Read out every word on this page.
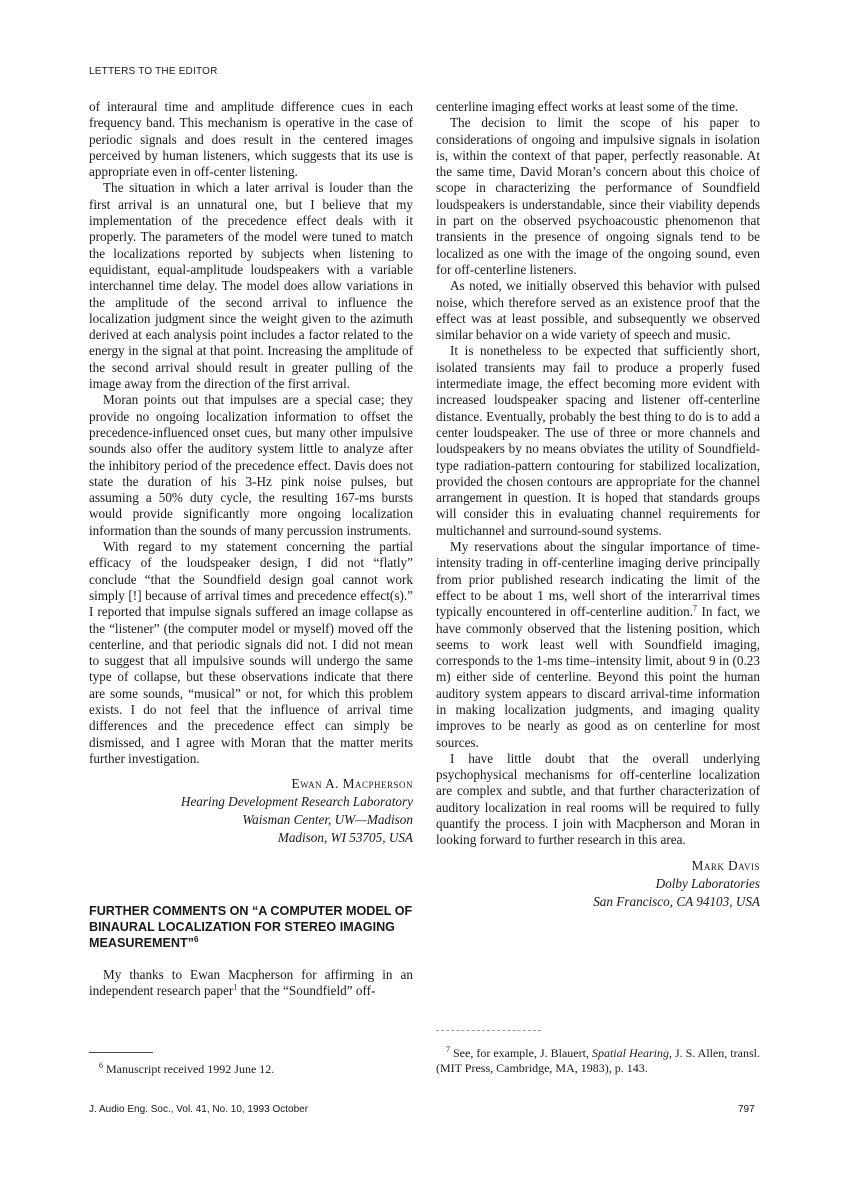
LETTERS TO THE EDITOR

of interaural time and amplitude difference cues in each frequency band. This mechanism is operative in the case of periodic signals and does result in the centered images perceived by human listeners, which suggests that its use is appropriate even in off-center listening.

The situation in which a later arrival is louder than the first arrival is an unnatural one, but I believe that my implementation of the precedence effect deals with it properly. The parameters of the model were tuned to match the localizations reported by subjects when listening to equidistant, equal-amplitude loudspeakers with a variable interchannel time delay. The model does allow variations in the amplitude of the second arrival to influence the localization judgment since the weight given to the azimuth derived at each analysis point includes a factor related to the energy in the signal at that point. Increasing the amplitude of the second arrival should result in greater pulling of the image away from the direction of the first arrival.

Moran points out that impulses are a special case; they provide no ongoing localization information to offset the precedence-influenced onset cues, but many other impulsive sounds also offer the auditory system little to analyze after the inhibitory period of the precedence effect. Davis does not state the duration of his 3-Hz pink noise pulses, but assuming a 50% duty cycle, the resulting 167-ms bursts would provide significantly more ongoing localization information than the sounds of many percussion instruments.

With regard to my statement concerning the partial efficacy of the loudspeaker design, I did not “flatly” conclude “that the Soundfield design goal cannot work simply [!] because of arrival times and precedence effect(s).” I reported that impulse signals suffered an image collapse as the “listener” (the computer model or myself) moved off the centerline, and that periodic signals did not. I did not mean to suggest that all impulsive sounds will undergo the same type of collapse, but these observations indicate that there are some sounds, “musical” or not, for which this problem exists. I do not feel that the influence of arrival time differences and the precedence effect can simply be dismissed, and I agree with Moran that the matter merits further investigation.

Ewan A. Macpherson
Hearing Development Research Laboratory
Waisman Center, UW—Madison
Madison, WI 53705, USA
FURTHER COMMENTS ON “A COMPUTER MODEL OF BINAURAL LOCALIZATION FOR STEREO IMAGING MEASUREMENT”$^6$

My thanks to Ewan Macpherson for affirming in an independent research paper$^1$ that the “Soundfield” off-

centerline imaging effect works at least some of the time.

The decision to limit the scope of his paper to considerations of ongoing and impulsive signals in isolation is, within the context of that paper, perfectly reasonable. At the same time, David Moran’s concern about this choice of scope in characterizing the performance of Soundfield loudspeakers is understandable, since their viability depends in part on the observed psychoacoustic phenomenon that transients in the presence of ongoing signals tend to be localized as one with the image of the ongoing sound, even for off-centerline listeners.

As noted, we initially observed this behavior with pulsed noise, which therefore served as an existence proof that the effect was at least possible, and subsequently we observed similar behavior on a wide variety of speech and music.

It is nonetheless to be expected that sufficiently short, isolated transients may fail to produce a properly fused intermediate image, the effect becoming more evident with increased loudspeaker spacing and listener off-centerline distance. Eventually, probably the best thing to do is to add a center loudspeaker. The use of three or more channels and loudspeakers by no means obviates the utility of Soundfield-type radiation-pattern contouring for stabilized localization, provided the chosen contours are appropriate for the channel arrangement in question. It is hoped that standards groups will consider this in evaluating channel requirements for multichannel and surround-sound systems.

My reservations about the singular importance of time-intensity trading in off-centerline imaging derive principally from prior published research indicating the limit of the effect to be about 1 ms, well short of the interarrival times typically encountered in off-centerline audition.$^7$ In fact, we have commonly observed that the listening position, which seems to work least well with Soundfield imaging, corresponds to the 1-ms time–intensity limit, about 9 in (0.23 m) either side of centerline. Beyond this point the human auditory system appears to discard arrival-time information in making localization judgments, and imaging quality improves to be nearly as good as on centerline for most sources.

I have little doubt that the overall underlying psychophysical mechanisms for off-centerline localization are complex and subtle, and that further characterization of auditory localization in real rooms will be required to fully quantify the process. I join with Macpherson and Moran in looking forward to further research in this area.

Mark Davis
Dolby Laboratories
San Francisco, CA 94103, USA
$^6$ Manuscript received 1992 June 12.
$^7$ See, for example, J. Blauert, Spatial Hearing, J. S. Allen, transl. (MIT Press, Cambridge, MA, 1983), p. 143.
J. Audio Eng. Soc., Vol. 41, No. 10, 1993 October	797
